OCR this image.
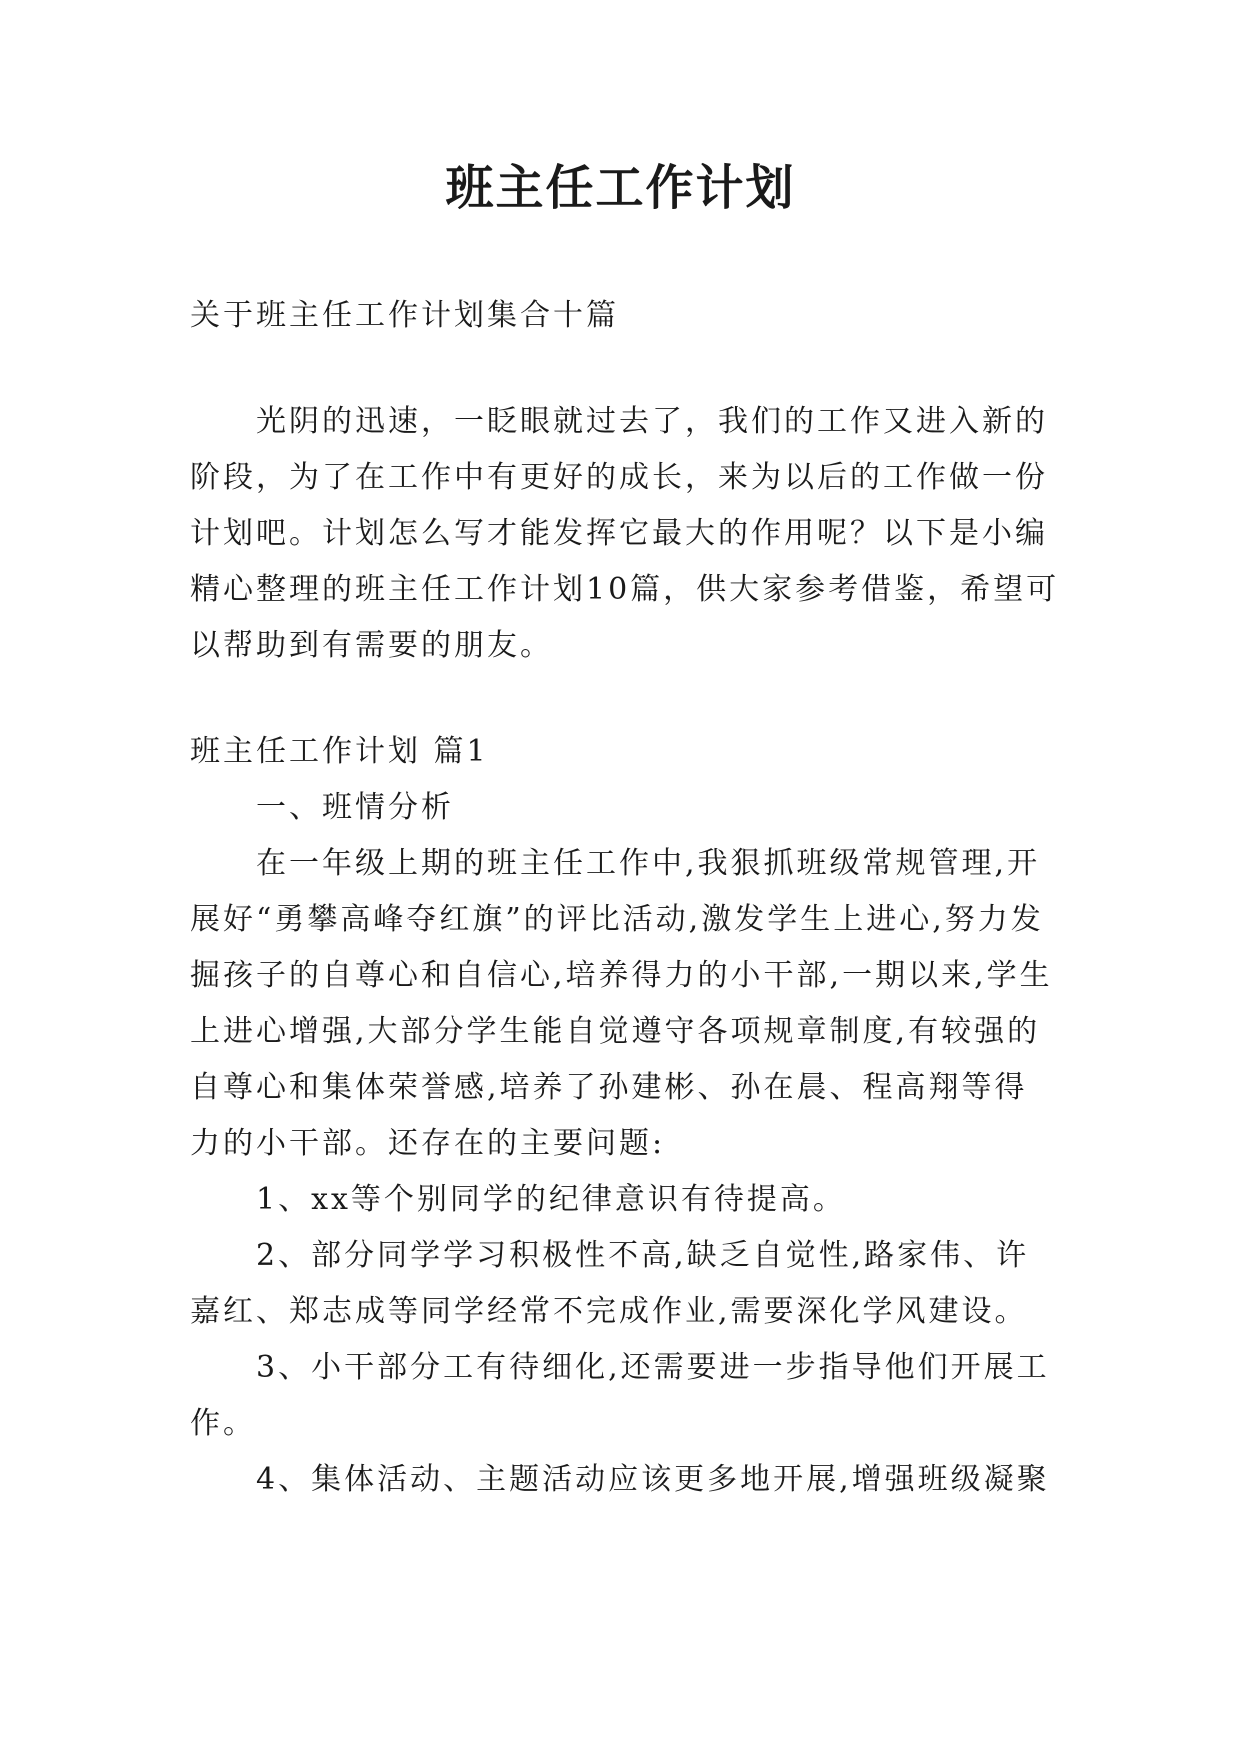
班主任工作计划

关于班主任工作计划集合十篇

光阴的迅速，一眨眼就过去了，我们的工作又进入新的阶段，为了在工作中有更好的成长，来为以后的工作做一份计划吧。计划怎么写才能发挥它最大的作用呢？以下是小编精心整理的班主任工作计划10篇，供大家参考借鉴，希望可以帮助到有需要的朋友。

班主任工作计划 篇1

一、班情分析

在一年级上期的班主任工作中,我狠抓班级常规管理,开展好“勇攀高峰夺红旗”的评比活动,激发学生上进心,努力发掘孩子的自尊心和自信心,培养得力的小干部,一期以来,学生上进心增强,大部分学生能自觉遵守各项规章制度,有较强的自尊心和集体荣誉感,培养了孙建彬、孙在晨、程高翔等得力的小干部。还存在的主要问题:

1、xx等个别同学的纪律意识有待提高。

2、部分同学学习积极性不高,缺乏自觉性,路家伟、许嘉红、郑志成等同学经常不完成作业,需要深化学风建设。

3、小干部分工有待细化,还需要进一步指导他们开展工作。

4、集体活动、主题活动应该更多地开展,增强班级凝聚
